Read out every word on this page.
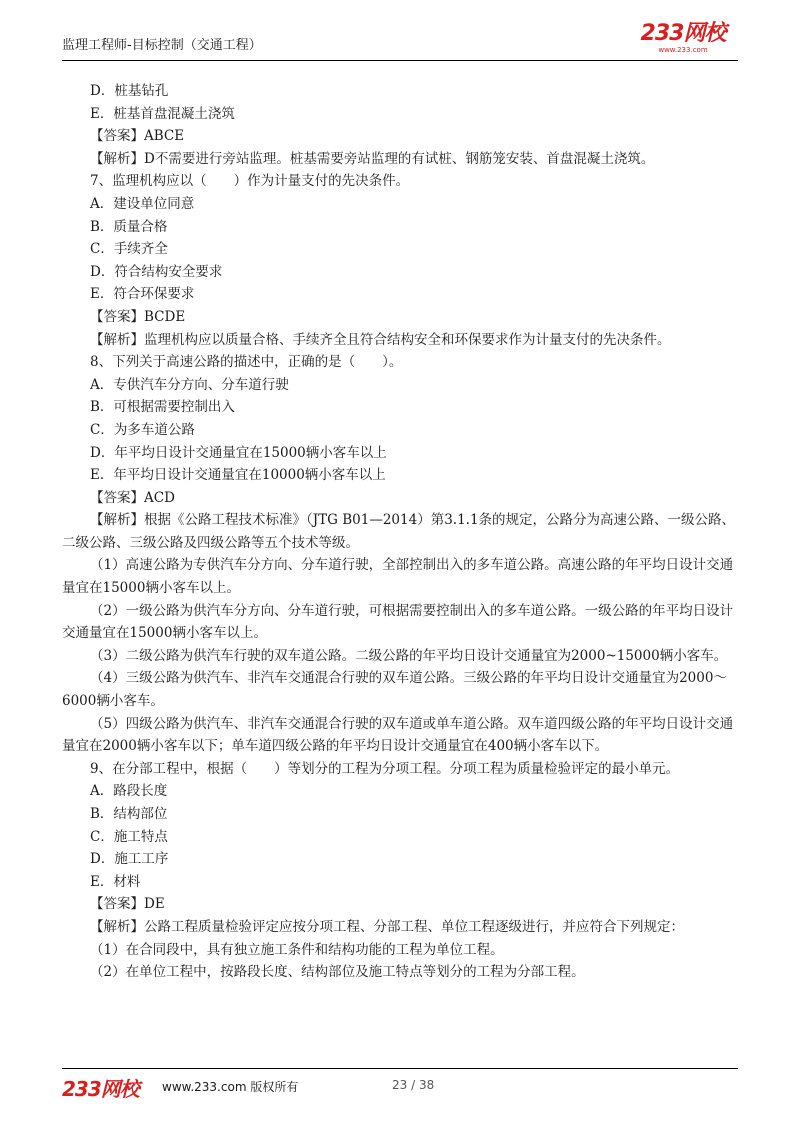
监理工程师-目标控制（交通工程）	233网校
www.233.com

D．桩基钻孔

E．桩基首盘混凝土浇筑

【答案】ABCE

【解析】D不需要进行旁站监理。桩基需要旁站监理的有试桩、钢筋笼安装、首盘混凝土浇筑。

7、监理机构应以（　　）作为计量支付的先决条件。

A．建设单位同意

B．质量合格

C．手续齐全

D．符合结构安全要求

E．符合环保要求

【答案】BCDE

【解析】监理机构应以质量合格、手续齐全且符合结构安全和环保要求作为计量支付的先决条件。

8、下列关于高速公路的描述中，正确的是（　　）。

A．专供汽车分方向、分车道行驶

B．可根据需要控制出入

C．为多车道公路

D．年平均日设计交通量宜在15000辆小客车以上

E．年平均日设计交通量宜在10000辆小客车以上

【答案】ACD

【解析】根据《公路工程技术标准》（JTG B01—2014）第3.1.1条的规定，公路分为高速公路、一级公路、二级公路、三级公路及四级公路等五个技术等级。

（1）高速公路为专供汽车分方向、分车道行驶，全部控制出入的多车道公路。高速公路的年平均日设计交通量宜在15000辆小客车以上。

（2）一级公路为供汽车分方向、分车道行驶，可根据需要控制出入的多车道公路。一级公路的年平均日设计交通量宜在15000辆小客车以上。

（3）二级公路为供汽车行驶的双车道公路。二级公路的年平均日设计交通量宜为2000~15000辆小客车。

（4）三级公路为供汽车、非汽车交通混合行驶的双车道公路。三级公路的年平均日设计交通量宜为2000～6000辆小客车。

（5）四级公路为供汽车、非汽车交通混合行驶的双车道或单车道公路。双车道四级公路的年平均日设计交通量宜在2000辆小客车以下；单车道四级公路的年平均日设计交通量宜在400辆小客车以下。

9、在分部工程中，根据（　　）等划分的工程为分项工程。分项工程为质量检验评定的最小单元。

A．路段长度

B．结构部位

C．施工特点

D．施工工序

E．材料

【答案】DE

【解析】公路工程质量检验评定应按分项工程、分部工程、单位工程逐级进行，并应符合下列规定：

（1）在合同段中，具有独立施工条件和结构功能的工程为单位工程。

（2）在单位工程中，按路段长度、结构部位及施工特点等划分的工程为分部工程。

233网校 www.233.com 版权所有	23 / 38
